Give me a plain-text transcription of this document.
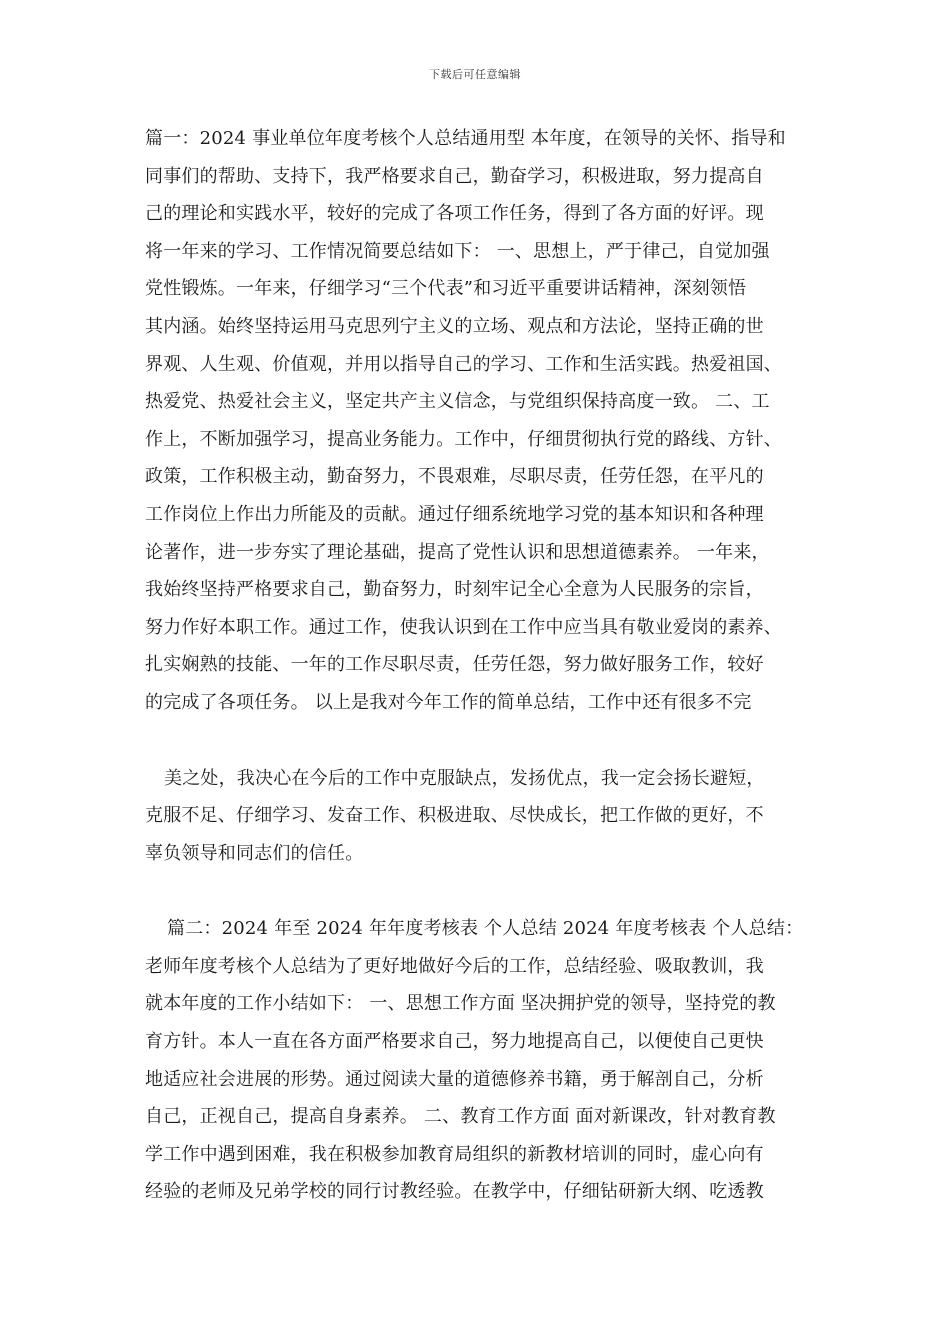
下载后可任意编辑
篇一：2024 事业单位年度考核个人总结通用型 本年度，在领导的关怀、指导和
同事们的帮助、支持下，我严格要求自己，勤奋学习，积极进取，努力提高自
己的理论和实践水平，较好的完成了各项工作任务，得到了各方面的好评。现
将一年来的学习、工作情况简要总结如下： 一、思想上，严于律己，自觉加强
党性锻炼。一年来，仔细学习“三个代表”和习近平重要讲话精神，深刻领悟
其内涵。始终坚持运用马克思列宁主义的立场、观点和方法论，坚持正确的世
界观、人生观、价值观，并用以指导自己的学习、工作和生活实践。热爱祖国、
热爱党、热爱社会主义，坚定共产主义信念，与党组织保持高度一致。 二、工
作上，不断加强学习，提高业务能力。工作中，仔细贯彻执行党的路线、方针、
政策，工作积极主动，勤奋努力，不畏艰难，尽职尽责，任劳任怨，在平凡的
工作岗位上作出力所能及的贡献。通过仔细系统地学习党的基本知识和各种理
论著作，进一步夯实了理论基础，提高了党性认识和思想道德素养。 一年来，
我始终坚持严格要求自己，勤奋努力，时刻牢记全心全意为人民服务的宗旨，
努力作好本职工作。通过工作，使我认识到在工作中应当具有敬业爱岗的素养、
扎实娴熟的技能、一年的工作尽职尽责，任劳任怨，努力做好服务工作，较好
的完成了各项任务。 以上是我对今年工作的简单总结，工作中还有很多不完
美之处，我决心在今后的工作中克服缺点，发扬优点，我一定会扬长避短，
克服不足、仔细学习、发奋工作、积极进取、尽快成长，把工作做的更好，不
辜负领导和同志们的信任。
篇二：2024 年至 2024 年年度考核表 个人总结 2024 年度考核表 个人总结：
老师年度考核个人总结为了更好地做好今后的工作，总结经验、吸取教训，我
就本年度的工作小结如下： 一、思想工作方面 坚决拥护党的领导，坚持党的教
育方针。本人一直在各方面严格要求自己，努力地提高自己，以便使自己更快
地适应社会进展的形势。通过阅读大量的道德修养书籍，勇于解剖自己，分析
自己，正视自己，提高自身素养。 二、教育工作方面 面对新课改，针对教育教
学工作中遇到困难，我在积极参加教育局组织的新教材培训的同时，虚心向有
经验的老师及兄弟学校的同行讨教经验。在教学中，仔细钻研新大纲、吃透教
